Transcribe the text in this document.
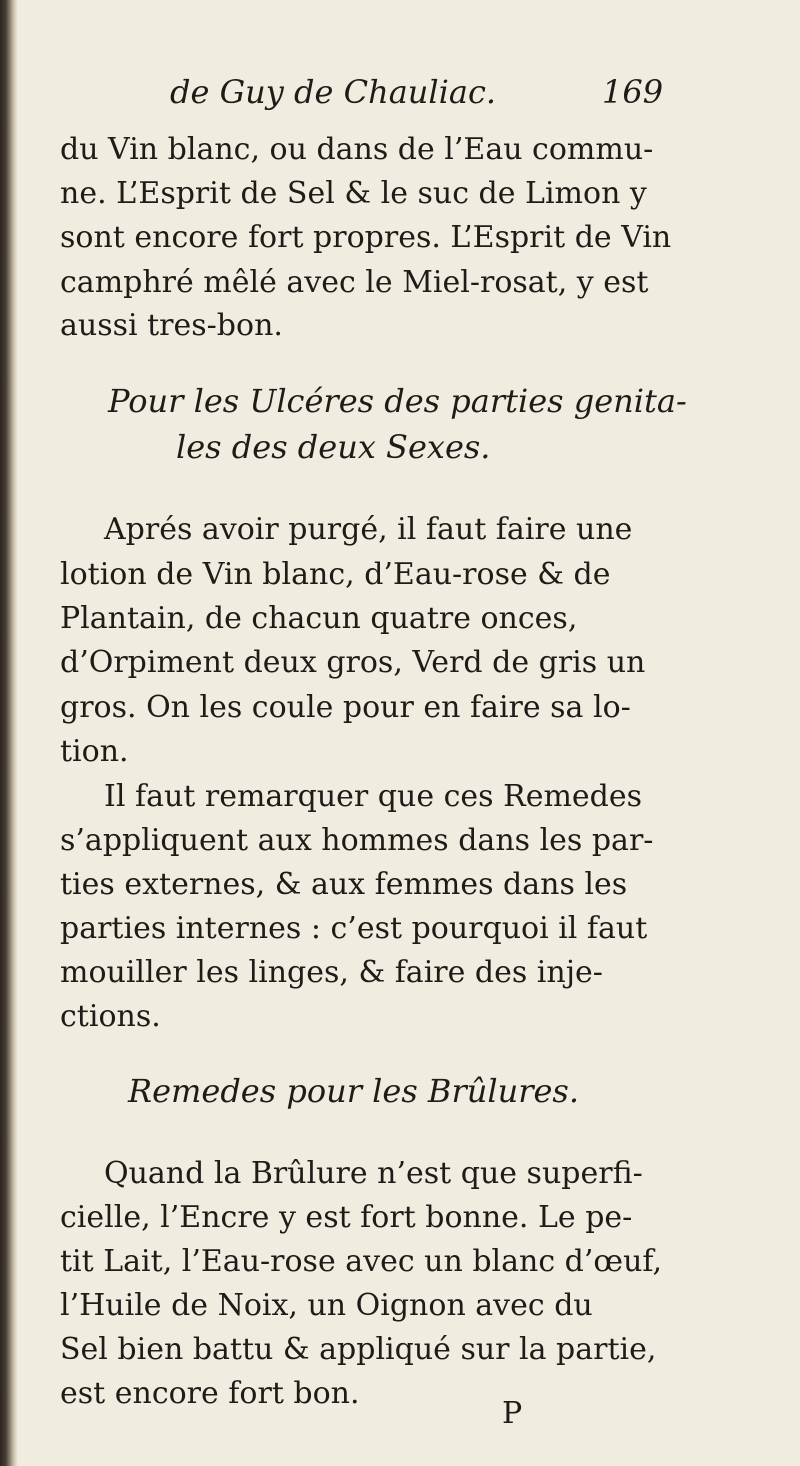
de Guy de Chauliac.	169

du Vin blanc, ou dans de l’Eau commu-

ne. L’Esprit de Sel & le suc de Limon y

sont encore fort propres. L’Esprit de Vin

camphré mêlé avec le Miel-rosat, y est

aussi tres-bon.

Pour les Ulcéres des parties genita-
les des deux Sexes.

Aprés avoir purgé, il faut faire une

lotion de Vin blanc, d’Eau-rose & de

Plantain, de chacun quatre onces,

d’Orpiment deux gros, Verd de gris un

gros. On les coule pour en faire sa lo-

tion.

Il faut remarquer que ces Remedes

s’appliquent aux hommes dans les par-

ties externes, & aux femmes dans les

parties internes : c’est pourquoi il faut

mouiller les linges, & faire des inje-

ctions.

Remedes pour les Brûlures.

Quand la Brûlure n’est que superfi-

cielle, l’Encre y est fort bonne. Le pe-

tit Lait, l’Eau-rose avec un blanc d’œuf,

l’Huile de Noix, un Oignon avec du

Sel bien battu & appliqué sur la partie,

est encore fort bon.

P
